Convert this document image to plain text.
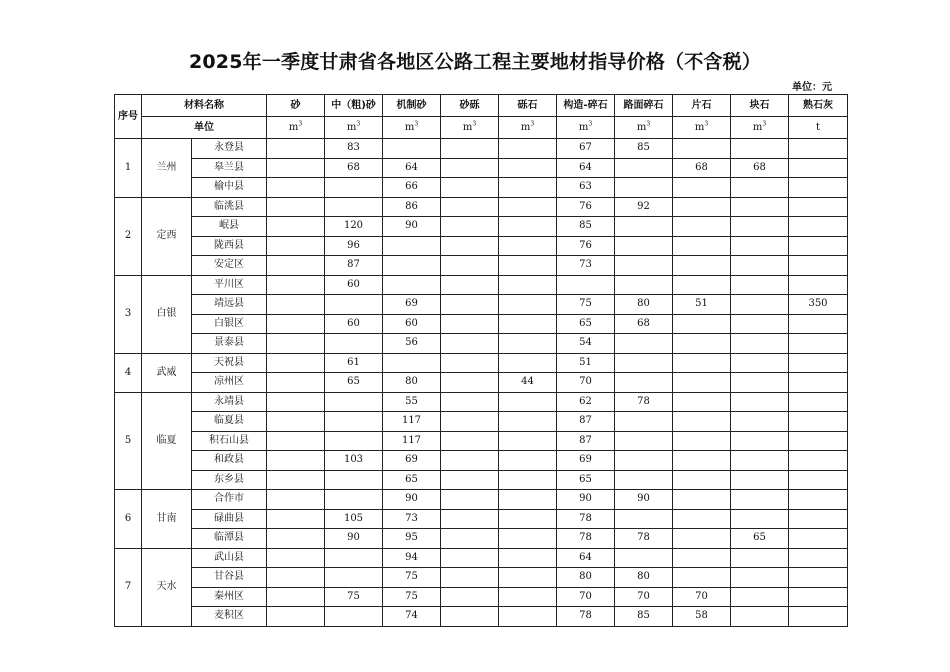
2025年一季度甘肃省各地区公路工程主要地材指导价格（不含税）
单位：元
序号	材料名称		砂	中（粗)砂	机制砂	砂砾	砾石	构造-碎石	路面碎石	片石	块石	熟石灰
	单位		$m^3$	$m^3$	$m^3$	$m^3$	$m^3$	$m^3$	$m^3$	$m^3$	$m^3$	t
1	兰州	永登县		83				67	85			
		皋兰县		68	64			64		68	68	
		榆中县			66			63				
2	定西	临洮县			86			76	92			
		岷县		120	90			85				
		陇西县		96				76				
		安定区		87				73				
3	白银	平川区		60								
		靖远县			69			75	80	51		350
		白银区		60	60			65	68			
		景泰县			56			54				
4	武威	天祝县		61				51				
		凉州区		65	80		44	70				
5	临夏	永靖县			55			62	78			
		临夏县			117			87				
		积石山县			117			87				
		和政县		103	69			69				
		东乡县			65			65				
6	甘南	合作市			90			90	90			
		碌曲县		105	73			78				
		临潭县		90	95			78	78		65	
7	天水	武山县			94			64				
		甘谷县			75			80	80			
		秦州区		75	75			70	70	70		
		麦积区			74			78	85	58		
